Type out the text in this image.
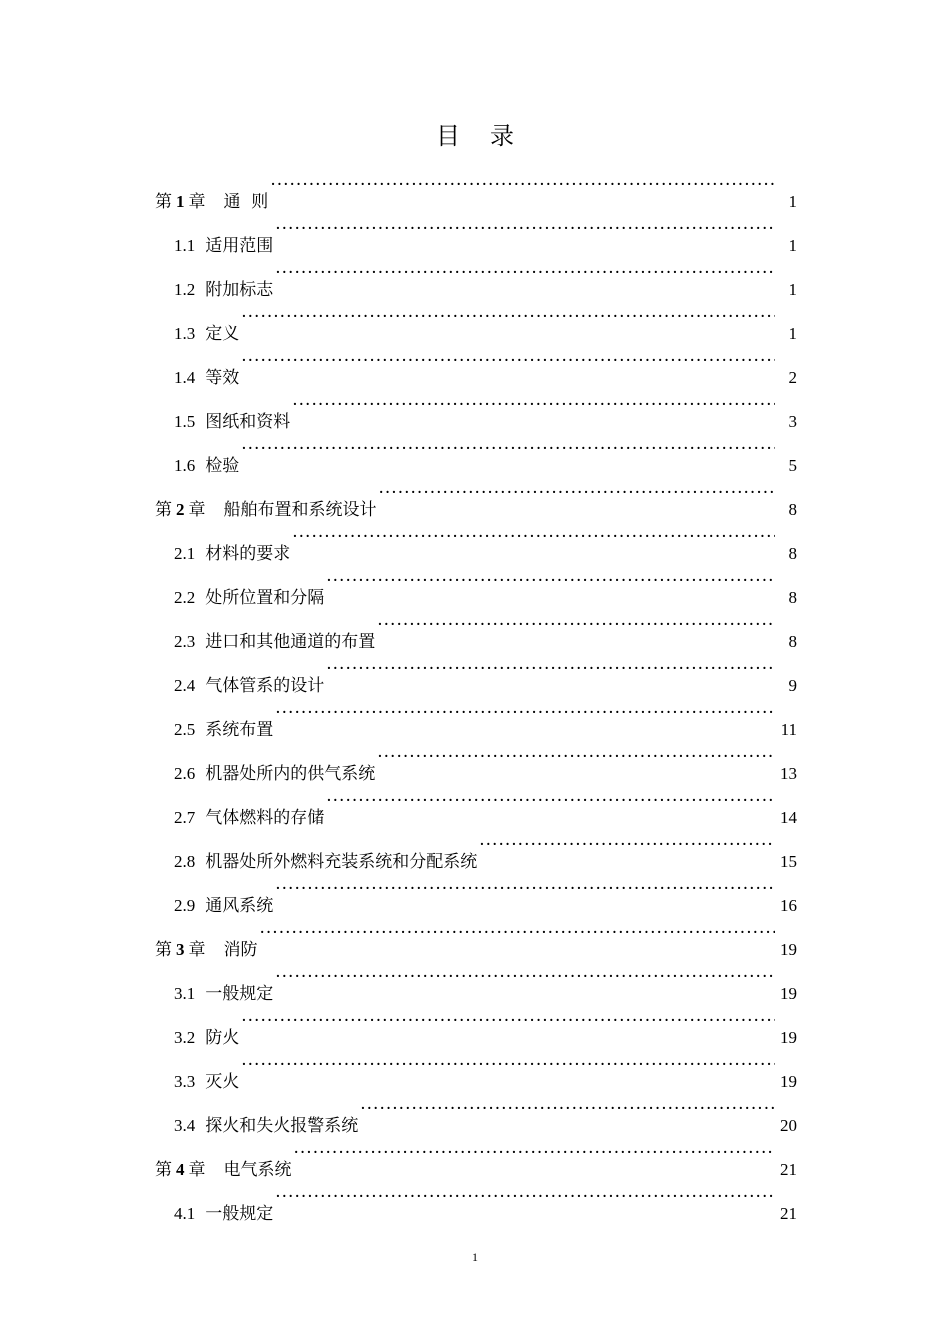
目录
第 1 章 通  则 ·····	1
1.1 适用范围 ·····	1
1.2 附加标志 ·····	1
1.3 定义 ·····	1
1.4 等效 ·····	2
1.5 图纸和资料 ·····	3
1.6 检验 ·····	5
第 2 章 船舶布置和系统设计 ·····	8
2.1 材料的要求 ·····	8
2.2 处所位置和分隔 ·····	8
2.3 进口和其他通道的布置 ·····	8
2.4 气体管系的设计 ·····	9
2.5 系统布置 ·····	11
2.6 机器处所内的供气系统 ·····	13
2.7 气体燃料的存储 ·····	14
2.8 机器处所外燃料充装系统和分配系统 ·····	15
2.9 通风系统 ·····	16
第 3 章 消防 ·····	19
3.1 一般规定 ·····	19
3.2 防火 ·····	19
3.3 灭火 ·····	19
3.4 探火和失火报警系统 ·····	20
第 4 章 电气系统 ·····	21
4.1 一般规定 ·····	21
1
